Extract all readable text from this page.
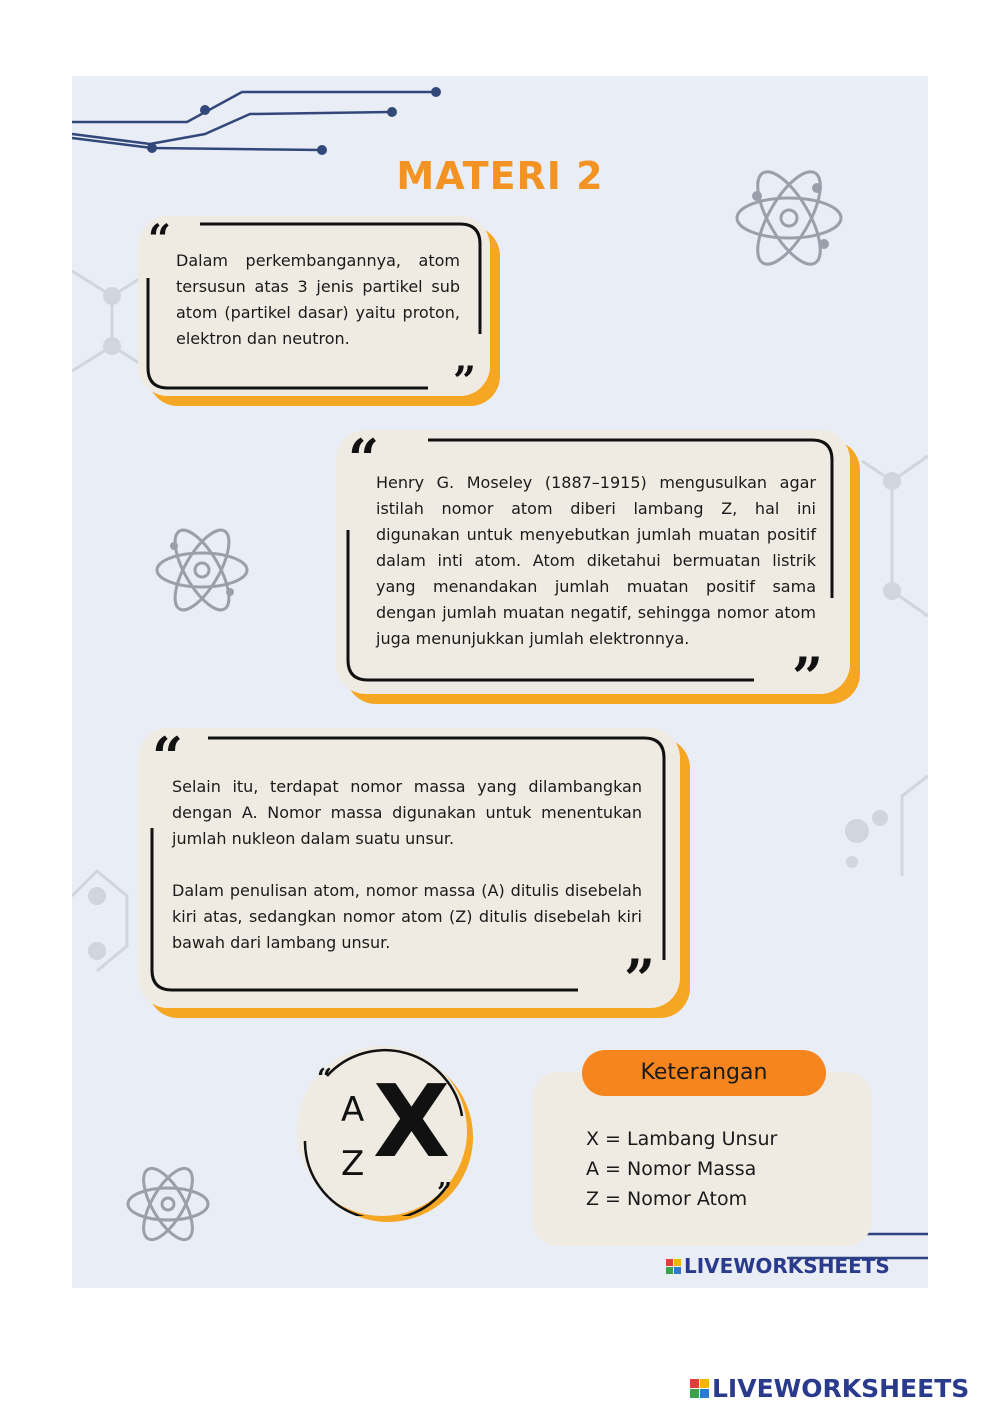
MATERI 2
“
”

Dalam perkembangannya, atom tersusun atas 3 jenis partikel sub atom (partikel dasar) yaitu proton, elektron dan neutron.

“
”

Henry G. Moseley (1887–1915) mengusulkan agar istilah nomor atom diberi lambang Z, hal ini digunakan untuk menyebutkan jumlah muatan positif dalam inti atom. Atom diketahui bermuatan listrik yang menandakan jumlah muatan positif sama dengan jumlah muatan negatif, sehingga nomor atom juga menunjukkan jumlah elektronnya.

“
”

Selain itu, terdapat nomor massa yang dilambangkan dengan A. Nomor massa digunakan untuk menentukan jumlah nukleon dalam suatu unsur.

Dalam penulisan atom, nomor massa (A) ditulis disebelah kiri atas, sedangkan nomor atom (Z) ditulis disebelah kiri bawah dari lambang unsur.

“
”
A
Z X	Keterangan
X = Lambang Unsur
A = Nomor Massa
Z = Nomor Atom
LIVEWORKSHEETS
LIVEWORKSHEETS
